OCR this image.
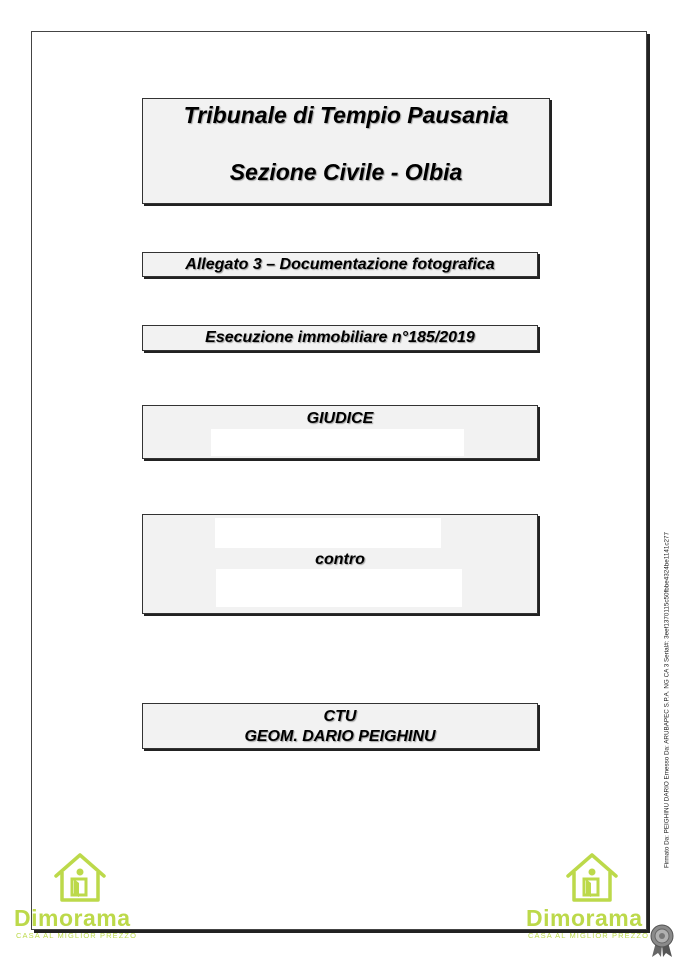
Tribunale di Tempio Pausania
Sezione Civile - Olbia
Allegato 3 – Documentazione fotografica
Esecuzione immobiliare n°185/2019
GIUDICE
contro
CTU
GEOM. DARIO PEIGHINU
Dimorama
CASA AL MIGLIOR PREZZO
Dimorama
CASA AL MIGLIOR PREZZO
Firmato Da: PEIGHINU DARIO Emesso Da: ARUBAPEC S.P.A. NG CA 3 Serial#: 3eef1370115c50fbbe4324be1141c277
